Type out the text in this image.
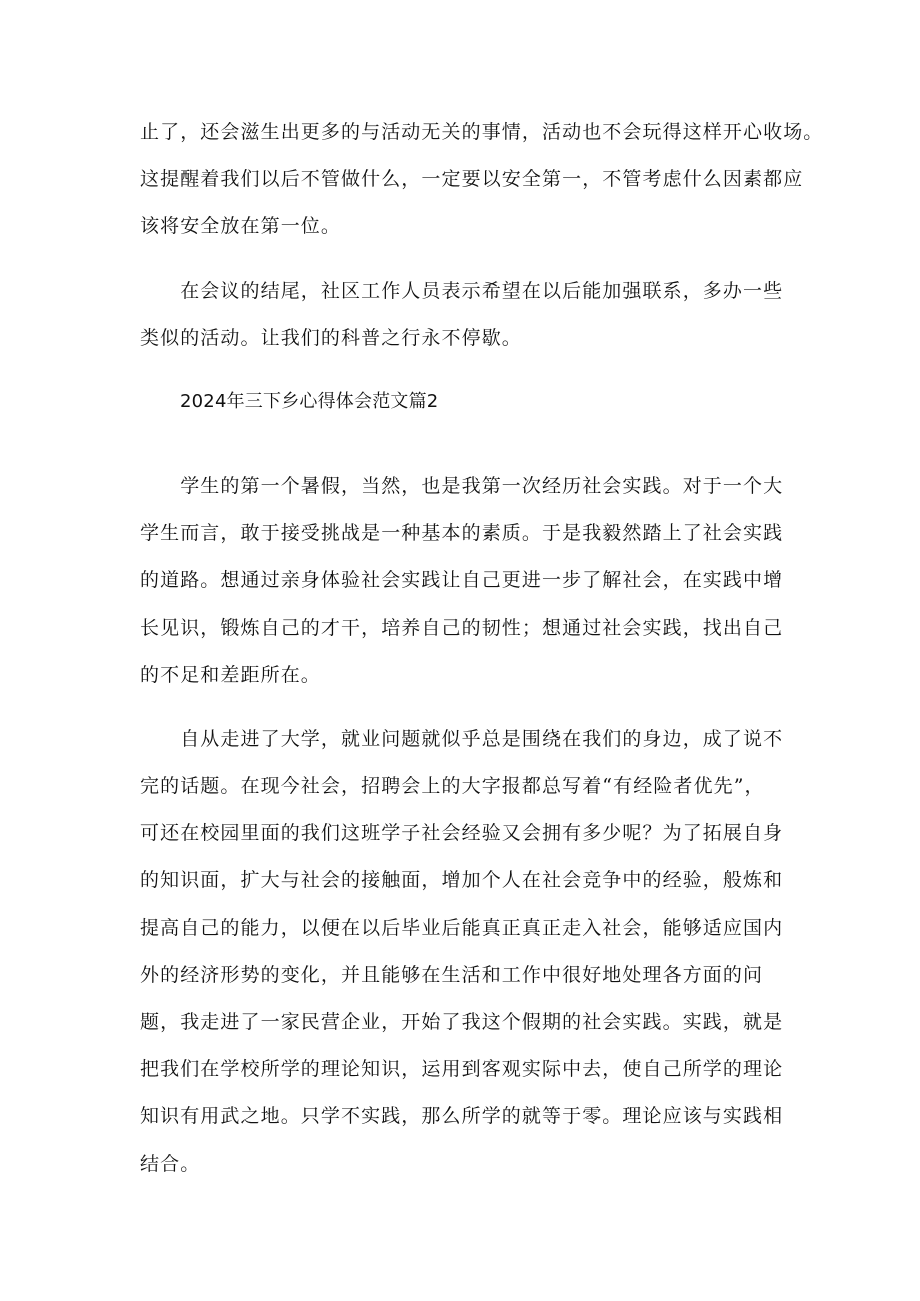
止了，还会滋生出更多的与活动无关的事情，活动也不会玩得这样开心收场。
这提醒着我们以后不管做什么，一定要以安全第一，不管考虑什么因素都应
该将安全放在第一位。
　　在会议的结尾，社区工作人员表示希望在以后能加强联系，多办一些
类似的活动。让我们的科普之行永不停歇。
2024年三下乡心得体会范文篇2
　　学生的第一个暑假，当然，也是我第一次经历社会实践。对于一个大
学生而言，敢于接受挑战是一种基本的素质。于是我毅然踏上了社会实践
的道路。想通过亲身体验社会实践让自己更进一步了解社会，在实践中增
长见识，锻炼自己的才干，培养自己的韧性；想通过社会实践，找出自己
的不足和差距所在。
　　自从走进了大学，就业问题就似乎总是围绕在我们的身边，成了说不
完的话题。在现今社会，招聘会上的大字报都总写着“有经险者优先”，
可还在校园里面的我们这班学子社会经验又会拥有多少呢？为了拓展自身
的知识面，扩大与社会的接触面，增加个人在社会竞争中的经验，般炼和
提高自己的能力，以便在以后毕业后能真正真正走入社会，能够适应国内
外的经济形势的变化，并且能够在生活和工作中很好地处理各方面的问
题，我走进了一家民营企业，开始了我这个假期的社会实践。实践，就是
把我们在学校所学的理论知识，运用到客观实际中去，使自己所学的理论
知识有用武之地。只学不实践，那么所学的就等于零。理论应该与实践相
结合。
